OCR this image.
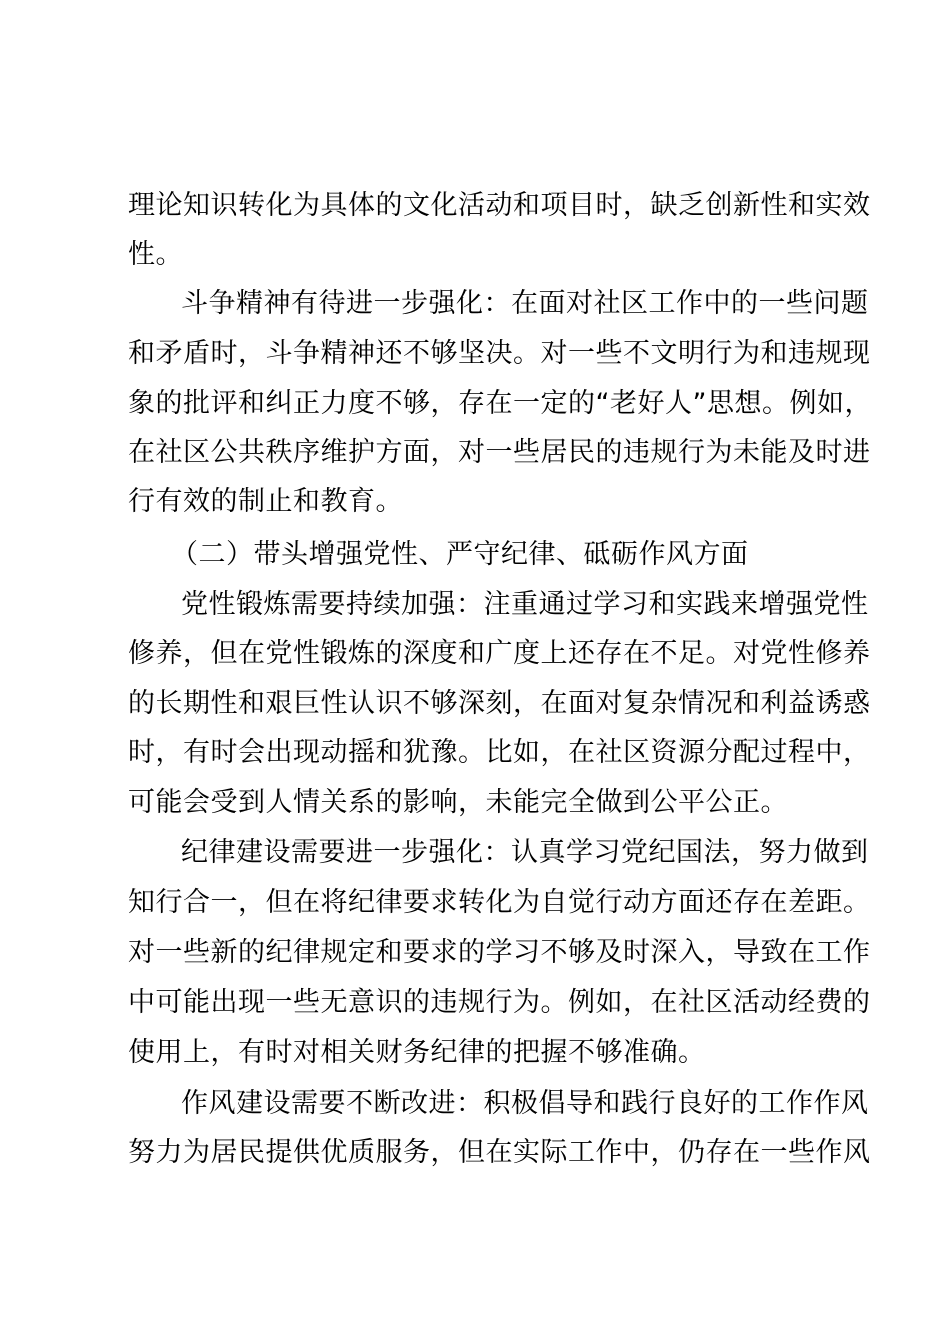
理论知识转化为具体的文化活动和项目时，缺乏创新性和实效
性。
斗争精神有待进一步强化：在面对社区工作中的一些问题
和矛盾时，斗争精神还不够坚决。对一些不文明行为和违规现
象的批评和纠正力度不够，存在一定的“老好人”思想。例如，
在社区公共秩序维护方面，对一些居民的违规行为未能及时进
行有效的制止和教育。
（二）带头增强党性、严守纪律、砥砺作风方面
党性锻炼需要持续加强：注重通过学习和实践来增强党性
修养，但在党性锻炼的深度和广度上还存在不足。对党性修养
的长期性和艰巨性认识不够深刻，在面对复杂情况和利益诱惑
时，有时会出现动摇和犹豫。比如，在社区资源分配过程中，
可能会受到人情关系的影响，未能完全做到公平公正。
纪律建设需要进一步强化：认真学习党纪国法，努力做到
知行合一，但在将纪律要求转化为自觉行动方面还存在差距。
对一些新的纪律规定和要求的学习不够及时深入，导致在工作
中可能出现一些无意识的违规行为。例如，在社区活动经费的
使用上，有时对相关财务纪律的把握不够准确。
作风建设需要不断改进：积极倡导和践行良好的工作作风
努力为居民提供优质服务，但在实际工作中，仍存在一些作风
